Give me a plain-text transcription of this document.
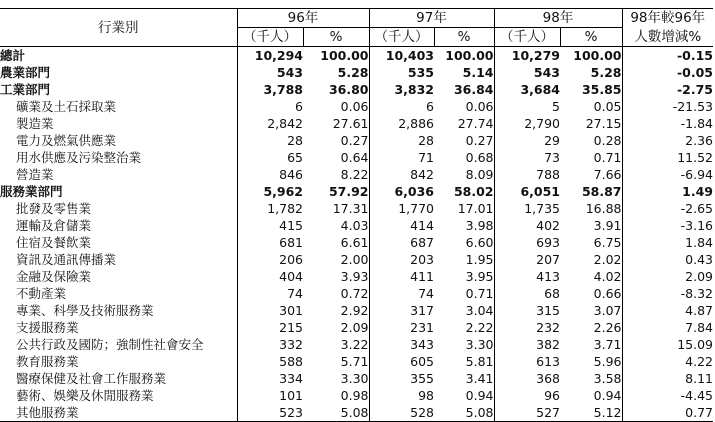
行業別	96年		97年		98年		98年較96年
	（千人）	%	（千人）	%	（千人）	%	人數增減%
總計	10,294	100.00	10,403	100.00	10,279	100.00	-0.15
農業部門	543	5.28	535	5.14	543	5.28	-0.05
工業部門	3,788	36.80	3,832	36.84	3,684	35.85	-2.75
礦業及土石採取業	6	0.06	6	0.06	5	0.05	-21.53
製造業	2,842	27.61	2,886	27.74	2,790	27.15	-1.84
電力及燃氣供應業	28	0.27	28	0.27	29	0.28	2.36
用水供應及污染整治業	65	0.64	71	0.68	73	0.71	11.52
營造業	846	8.22	842	8.09	788	7.66	-6.94
服務業部門	5,962	57.92	6,036	58.02	6,051	58.87	1.49
批發及零售業	1,782	17.31	1,770	17.01	1,735	16.88	-2.65
運輸及倉儲業	415	4.03	414	3.98	402	3.91	-3.16
住宿及餐飲業	681	6.61	687	6.60	693	6.75	1.84
資訊及通訊傳播業	206	2.00	203	1.95	207	2.02	0.43
金融及保險業	404	3.93	411	3.95	413	4.02	2.09
不動產業	74	0.72	74	0.71	68	0.66	-8.32
專業、科學及技術服務業	301	2.92	317	3.04	315	3.07	4.87
支援服務業	215	2.09	231	2.22	232	2.26	7.84
公共行政及國防；強制性社會安全	332	3.22	343	3.30	382	3.71	15.09
教育服務業	588	5.71	605	5.81	613	5.96	4.22
醫療保健及社會工作服務業	334	3.30	355	3.41	368	3.58	8.11
藝術、娛樂及休閒服務業	101	0.98	98	0.94	96	0.94	-4.45
其他服務業	523	5.08	528	5.08	527	5.12	0.77
